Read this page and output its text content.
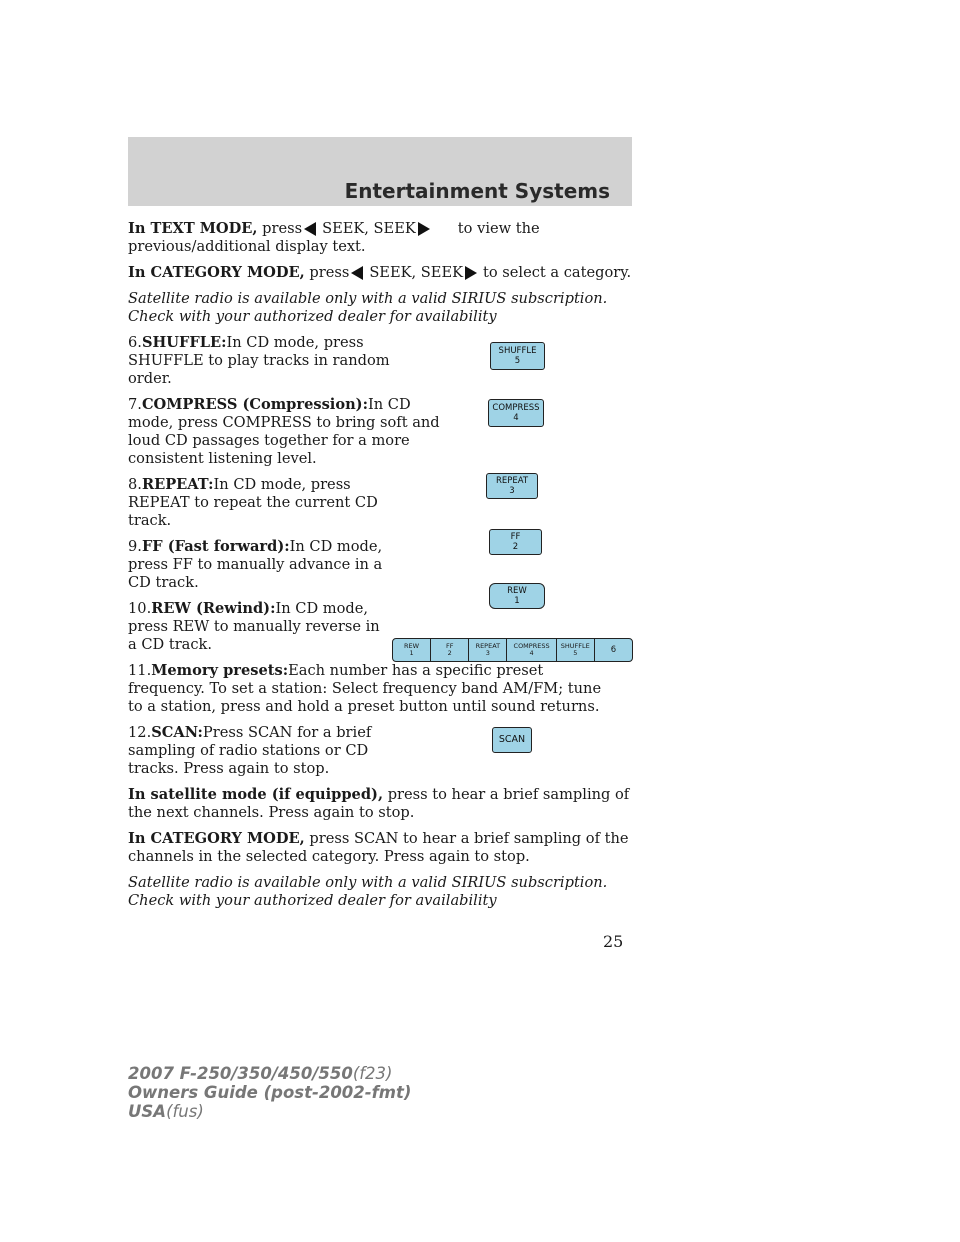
Entertainment Systems

In TEXT MODE, press SEEK, SEEK	to view the
previous/additional display text.

In CATEGORY MODE, press SEEK, SEEK to select a category.

Satellite radio is available only with a valid SIRIUS subscription.
Check with your authorized dealer for availability

6.SHUFFLE:In CD mode, press SHUFFLE to play tracks in random order.

7.COMPRESS (Compression):In CD mode, press COMPRESS to bring soft and loud CD passages together for a more consistent listening level.

8.REPEAT:In CD mode, press REPEAT to repeat the current CD track.

9.FF (Fast forward):In CD mode, press FF to manually advance in a CD track.

10.REW (Rewind):In CD mode, press REW to manually reverse in a CD track.

11.Memory presets:Each number has a specific preset frequency. To set a station: Select frequency band AM/FM; tune to a station, press and hold a preset button until sound returns.

12.SCAN:Press SCAN for a brief sampling of radio stations or CD tracks. Press again to stop.

In satellite mode (if equipped), press to hear a brief sampling of the next channels. Press again to stop.

In CATEGORY MODE, press SCAN to hear a brief sampling of the channels in the selected category. Press again to stop.

Satellite radio is available only with a valid SIRIUS subscription.
Check with your authorized dealer for availability

SHUFFLE
5
COMPRESS
4
REPEAT
3
FF
2
REW
1
REW
1
FF
2
REPEAT
3
COMPRESS
4
SHUFFLE
5	6
SCAN
25
2007 F-250/350/450/550(f23)
Owners Guide (post-2002-fmt)
USA(fus)
